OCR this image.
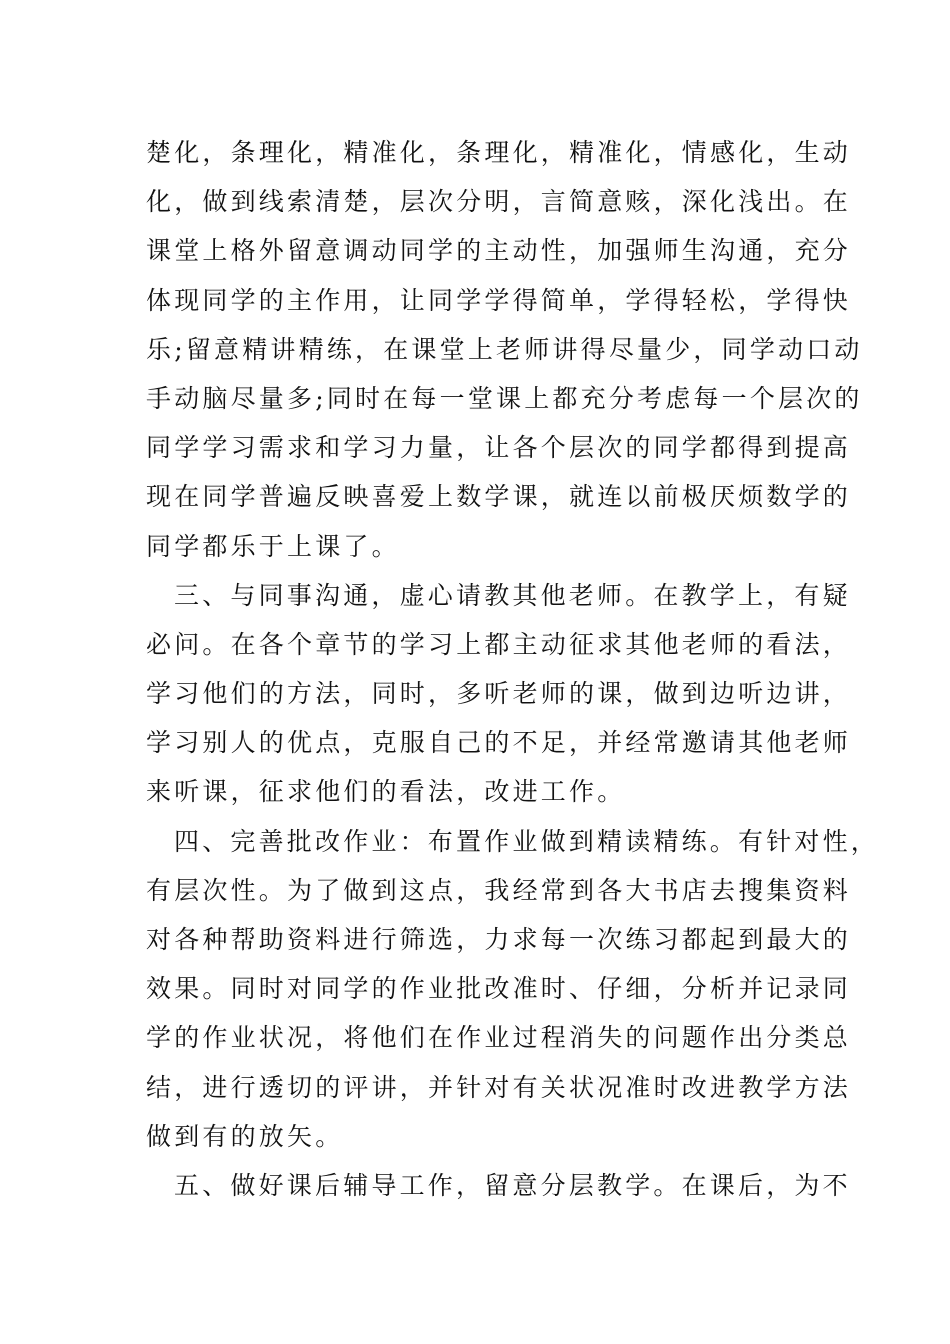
楚化，条理化，精准化，条理化，精准化，情感化，生动
化，做到线索清楚，层次分明，言简意赅，深化浅出。在
课堂上格外留意调动同学的主动性，加强师生沟通，充分
体现同学的主作用，让同学学得简单，学得轻松，学得快
乐;留意精讲精练，在课堂上老师讲得尽量少，同学动口动
手动脑尽量多;同时在每一堂课上都充分考虑每一个层次的
同学学习需求和学习力量，让各个层次的同学都得到提高
现在同学普遍反映喜爱上数学课，就连以前极厌烦数学的
同学都乐于上课了。
三、与同事沟通，虚心请教其他老师。在教学上，有疑
必问。在各个章节的学习上都主动征求其他老师的看法，
学习他们的方法，同时，多听老师的课，做到边听边讲，
学习别人的优点，克服自己的不足，并经常邀请其他老师
来听课，征求他们的看法，改进工作。
四、完善批改作业：布置作业做到精读精练。有针对性，
有层次性。为了做到这点，我经常到各大书店去搜集资料
对各种帮助资料进行筛选，力求每一次练习都起到最大的
效果。同时对同学的作业批改准时、仔细，分析并记录同
学的作业状况，将他们在作业过程消失的问题作出分类总
结，进行透切的评讲，并针对有关状况准时改进教学方法
做到有的放矢。
五、做好课后辅导工作，留意分层教学。在课后，为不
